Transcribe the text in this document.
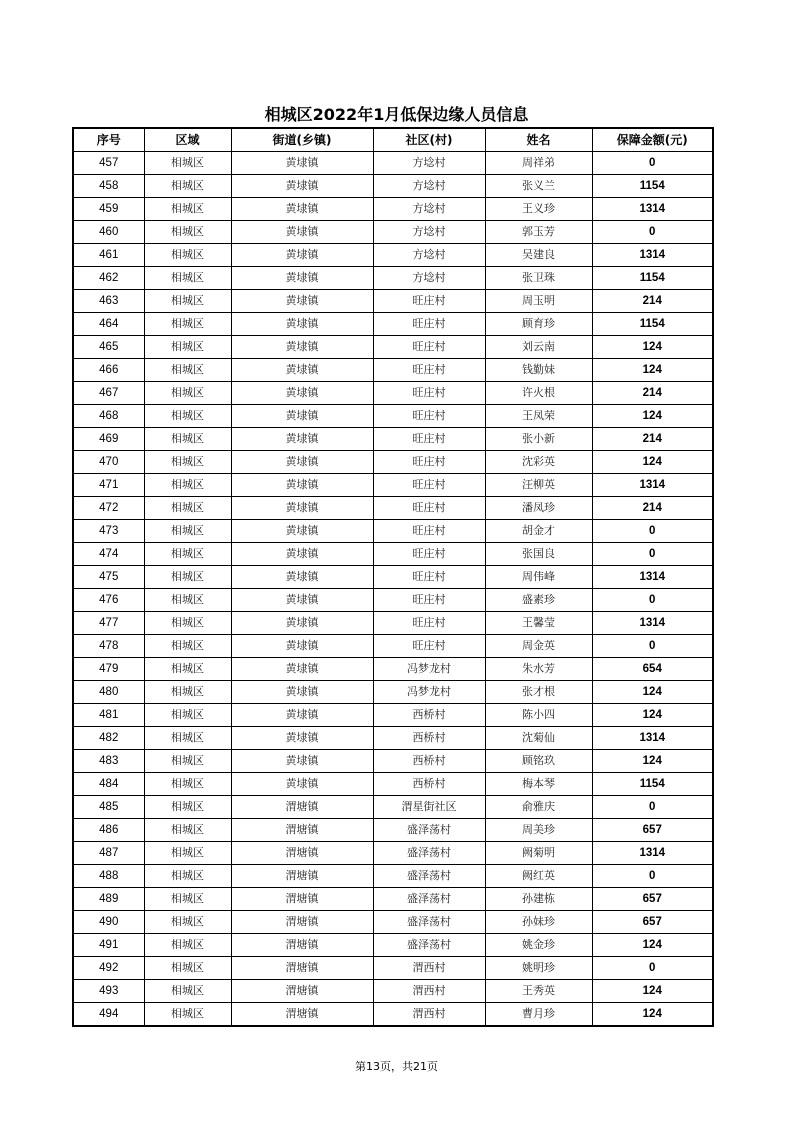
相城区2022年1月低保边缘人员信息
序号	区域	街道(乡镇)	社区(村)	姓名	保障金额(元)
457	相城区	黄埭镇	方埝村	周祥弟	0
458	相城区	黄埭镇	方埝村	张义兰	1154
459	相城区	黄埭镇	方埝村	王义珍	1314
460	相城区	黄埭镇	方埝村	郭玉芳	0
461	相城区	黄埭镇	方埝村	吴建良	1314
462	相城区	黄埭镇	方埝村	张卫珠	1154
463	相城区	黄埭镇	旺庄村	周玉明	214
464	相城区	黄埭镇	旺庄村	顾育珍	1154
465	相城区	黄埭镇	旺庄村	刘云南	124
466	相城区	黄埭镇	旺庄村	钱勤妹	124
467	相城区	黄埭镇	旺庄村	许火根	214
468	相城区	黄埭镇	旺庄村	王凤荣	124
469	相城区	黄埭镇	旺庄村	张小新	214
470	相城区	黄埭镇	旺庄村	沈彩英	124
471	相城区	黄埭镇	旺庄村	汪柳英	1314
472	相城区	黄埭镇	旺庄村	潘凤珍	214
473	相城区	黄埭镇	旺庄村	胡金才	0
474	相城区	黄埭镇	旺庄村	张国良	0
475	相城区	黄埭镇	旺庄村	周伟峰	1314
476	相城区	黄埭镇	旺庄村	盛素珍	0
477	相城区	黄埭镇	旺庄村	王馨莹	1314
478	相城区	黄埭镇	旺庄村	周金英	0
479	相城区	黄埭镇	冯梦龙村	朱水芳	654
480	相城区	黄埭镇	冯梦龙村	张才根	124
481	相城区	黄埭镇	西桥村	陈小四	124
482	相城区	黄埭镇	西桥村	沈菊仙	1314
483	相城区	黄埭镇	西桥村	顾铭玖	124
484	相城区	黄埭镇	西桥村	梅本琴	1154
485	相城区	渭塘镇	渭星街社区	俞雅庆	0
486	相城区	渭塘镇	盛泽荡村	周美珍	657
487	相城区	渭塘镇	盛泽荡村	阙菊明	1314
488	相城区	渭塘镇	盛泽荡村	阙红英	0
489	相城区	渭塘镇	盛泽荡村	孙建栋	657
490	相城区	渭塘镇	盛泽荡村	孙妹珍	657
491	相城区	渭塘镇	盛泽荡村	姚金珍	124
492	相城区	渭塘镇	渭西村	姚明珍	0
493	相城区	渭塘镇	渭西村	王秀英	124
494	相城区	渭塘镇	渭西村	曹月珍	124
第13页，共21页
